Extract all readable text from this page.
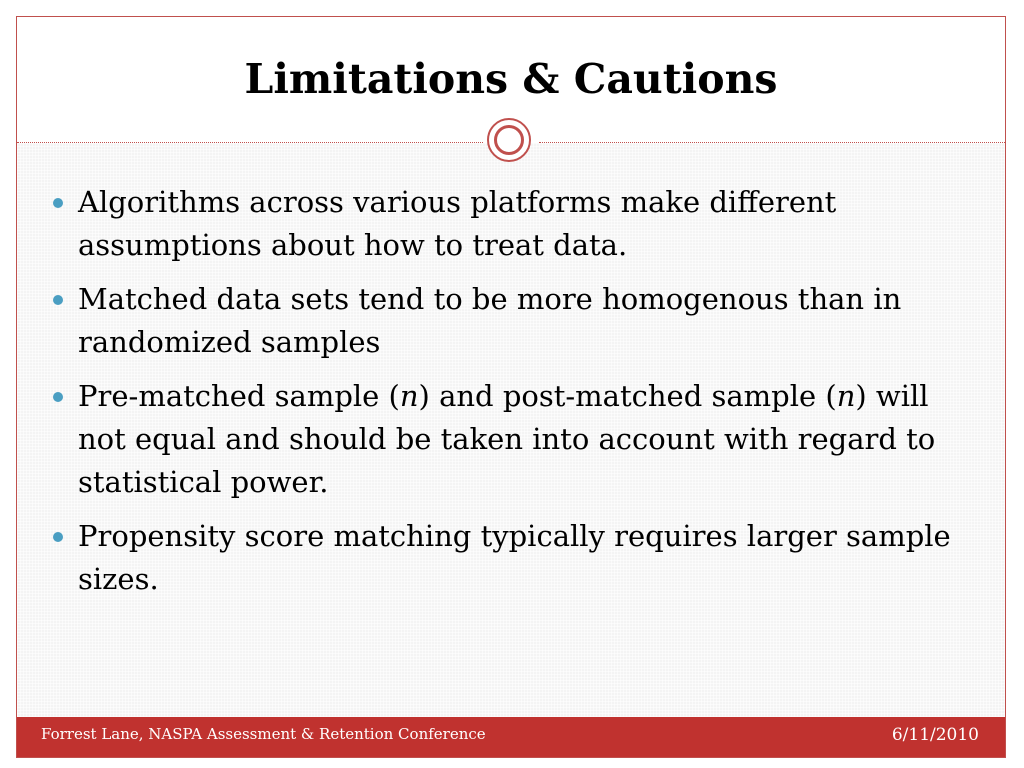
Limitations & Cautions
Algorithms across various platforms make different assumptions about how to treat data.
Matched data sets tend to be more homogenous than in randomized samples
Pre-matched sample (n) and post-matched sample (n) will not equal and should be taken into account with regard to statistical power.
Propensity score matching typically requires larger sample sizes.
Forrest Lane, NASPA Assessment & Retention Conference	6/11/2010
